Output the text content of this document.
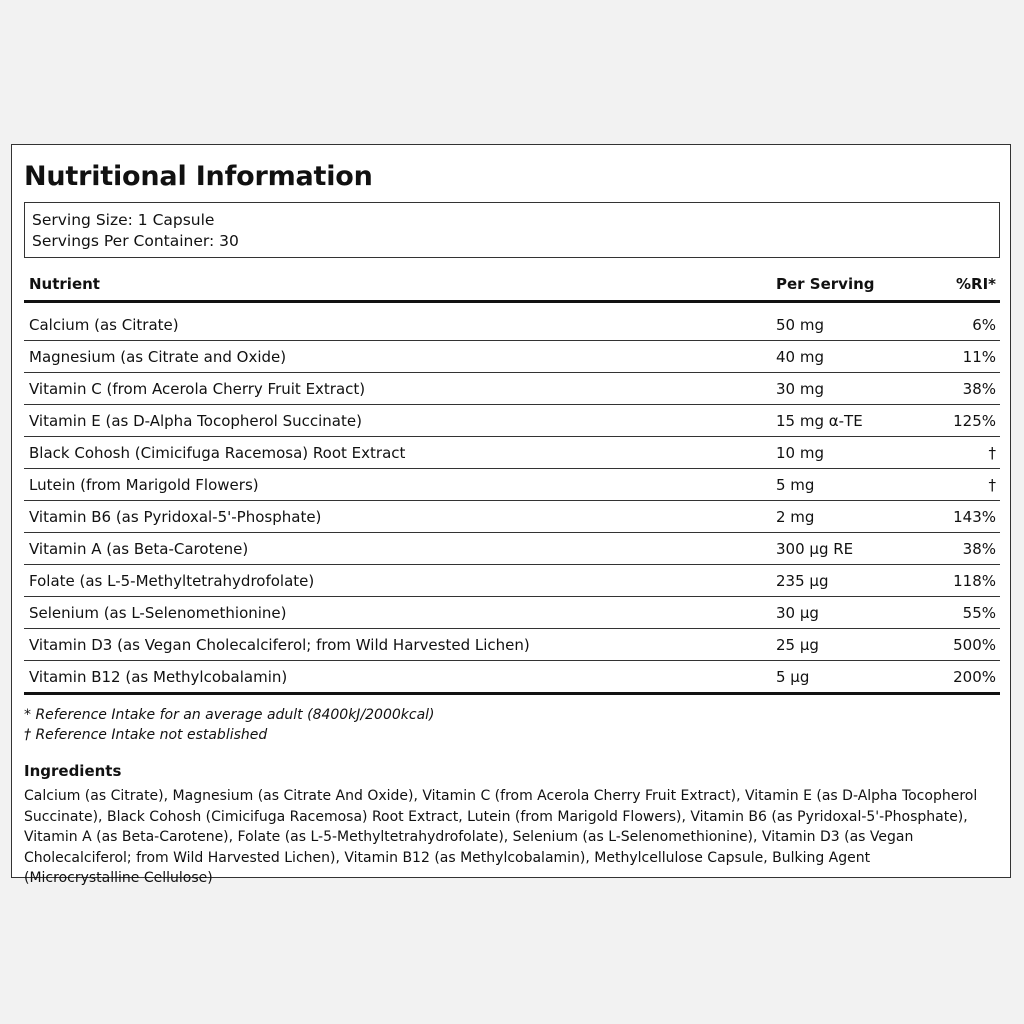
Nutritional Information
Serving Size: 1 Capsule
Servings Per Container: 30
Nutrient	Per Serving	%RI*
Calcium (as Citrate)	50 mg	6%
Magnesium (as Citrate and Oxide)	40 mg	11%
Vitamin C (from Acerola Cherry Fruit Extract)	30 mg	38%
Vitamin E (as D-Alpha Tocopherol Succinate)	15 mg α-TE	125%
Black Cohosh (Cimicifuga Racemosa) Root Extract	10 mg	†
Lutein (from Marigold Flowers)	5 mg	†
Vitamin B6 (as Pyridoxal-5'-Phosphate)	2 mg	143%
Vitamin A (as Beta-Carotene)	300 µg RE	38%
Folate (as L-5-Methyltetrahydrofolate)	235 µg	118%
Selenium (as L-Selenomethionine)	30 µg	55%
Vitamin D3 (as Vegan Cholecalciferol; from Wild Harvested Lichen)	25 µg	500%
Vitamin B12 (as Methylcobalamin)	5 µg	200%
* Reference Intake for an average adult (8400kJ/2000kcal)
† Reference Intake not established
Ingredients

Calcium (as Citrate), Magnesium (as Citrate And Oxide), Vitamin C (from Acerola Cherry Fruit Extract), Vitamin E (as D-Alpha Tocopherol Succinate), Black Cohosh (Cimicifuga Racemosa) Root Extract, Lutein (from Marigold Flowers), Vitamin B6 (as Pyridoxal-5'-Phosphate), Vitamin A (as Beta-Carotene), Folate (as L-5-Methyltetrahydrofolate), Selenium (as L-Selenomethionine), Vitamin D3 (as Vegan Cholecalciferol; from Wild Harvested Lichen), Vitamin B12 (as Methylcobalamin), Methylcellulose Capsule, Bulking Agent (Microcrystalline Cellulose)
